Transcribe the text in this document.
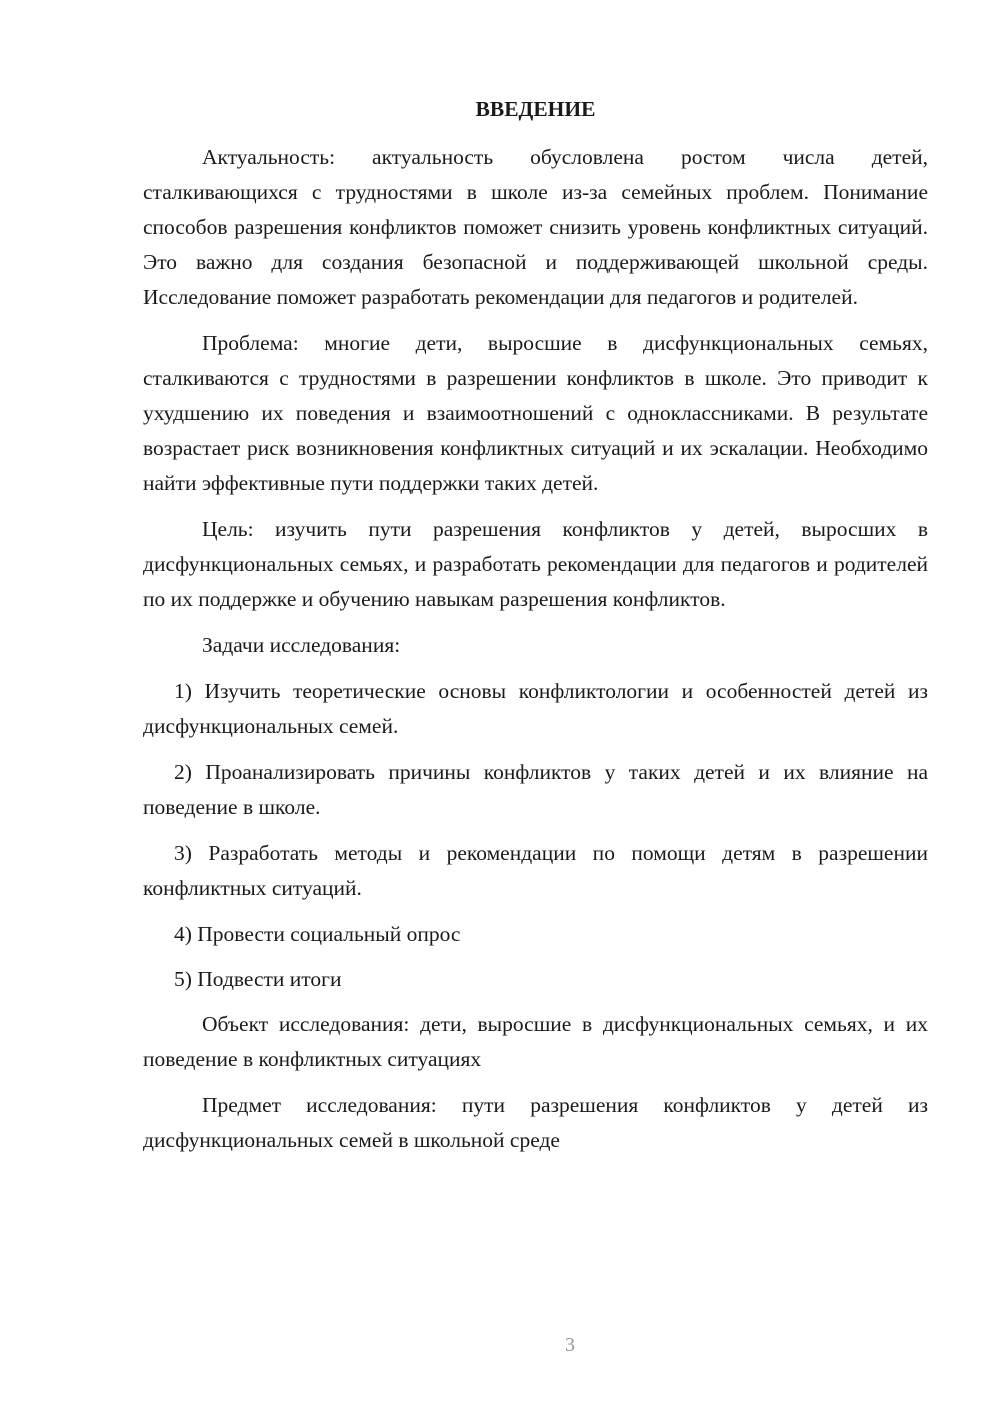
ВВЕДЕНИЕ

Актуальность: актуальность обусловлена ростом числа детей, сталкивающихся с трудностями в школе из-за семейных проблем. Понимание способов разрешения конфликтов поможет снизить уровень конфликтных ситуаций. Это важно для создания безопасной и поддерживающей школьной среды. Исследование поможет разработать рекомендации для педагогов и родителей.

Проблема: многие дети, выросшие в дисфункциональных семьях, сталкиваются с трудностями в разрешении конфликтов в школе. Это приводит к ухудшению их поведения и взаимоотношений с одноклассниками. В результате возрастает риск возникновения конфликтных ситуаций и их эскалации. Необходимо найти эффективные пути поддержки таких детей.

Цель: изучить пути разрешения конфликтов у детей, выросших в дисфункциональных семьях, и разработать рекомендации для педагогов и родителей по их поддержке и обучению навыкам разрешения конфликтов.

Задачи исследования:

1) Изучить теоретические основы конфликтологии и особенностей детей из дисфункциональных семей.

2) Проанализировать причины конфликтов у таких детей и их влияние на поведение в школе.

3) Разработать методы и рекомендации по помощи детям в разрешении конфликтных ситуаций.

4) Провести социальный опрос

5) Подвести итоги

Объект исследования: дети, выросшие в дисфункциональных семьях, и их поведение в конфликтных ситуациях

Предмет исследования: пути разрешения конфликтов у детей из дисфункциональных семей в школьной среде

3
